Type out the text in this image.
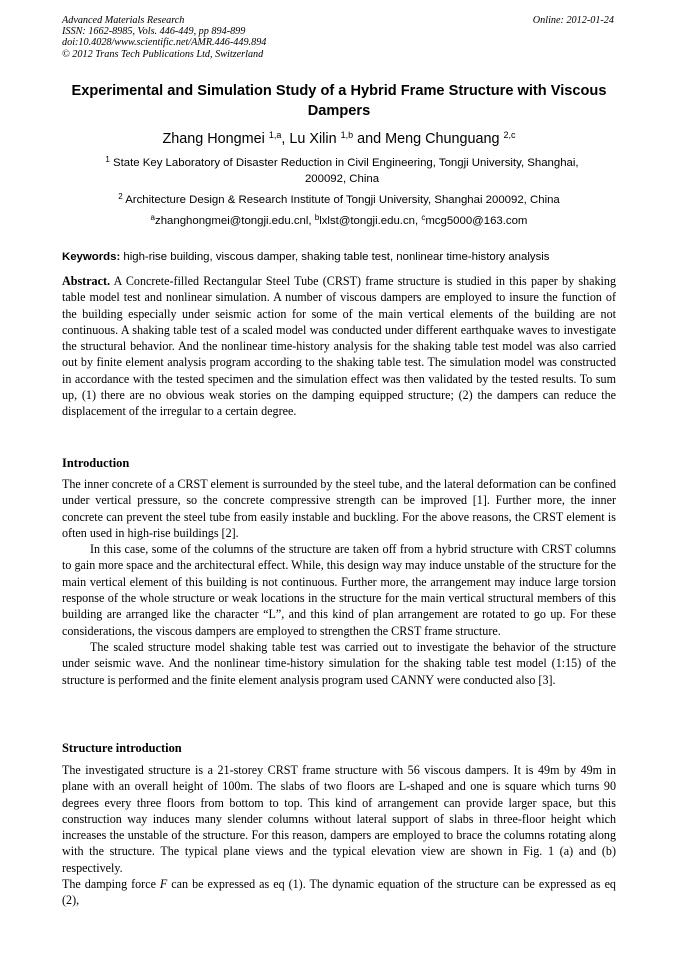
Advanced Materials Research
ISSN: 1662-8985, Vols. 446-449, pp 894-899
doi:10.4028/www.scientific.net/AMR.446-449.894
© 2012 Trans Tech Publications Ltd, Switzerland
Online: 2012-01-24
Experimental and Simulation Study of a Hybrid Frame Structure with Viscous Dampers
Zhang Hongmei $^{1,a}$, Lu Xilin $^{1,b}$ and Meng Chunguang $^{2,c}$
$^1$ State Key Laboratory of Disaster Reduction in Civil Engineering, Tongji University, Shanghai, 200092, China
$^2$ Architecture Design & Research Institute of Tongji University, Shanghai 200092, China
$^a$zhanghongmei@tongji.edu.cnl, $^b$lxlst@tongji.edu.cn, $^c$mcg5000@163.com
Keywords: high-rise building, viscous damper, shaking table test, nonlinear time-history analysis

Abstract. A Concrete-filled Rectangular Steel Tube (CRST) frame structure is studied in this paper by shaking table model test and nonlinear simulation. A number of viscous dampers are employed to insure the function of the building especially under seismic action for some of the main vertical elements of the building are not continuous. A shaking table test of a scaled model was conducted under different earthquake waves to investigate the structural behavior. And the nonlinear time-history analysis for the shaking table test model was also carried out by finite element analysis program according to the shaking table test. The simulation model was constructed in accordance with the tested specimen and the simulation effect was then validated by the tested results. To sum up, (1) there are no obvious weak stories on the damping equipped structure; (2) the dampers can reduce the displacement of the irregular to a certain degree.

Introduction

The inner concrete of a CRST element is surrounded by the steel tube, and the lateral deformation can be confined under vertical pressure, so the concrete compressive strength can be improved [1]. Further more, the inner concrete can prevent the steel tube from easily instable and buckling. For the above reasons, the CRST element is often used in high-rise buildings [2].

In this case, some of the columns of the structure are taken off from a hybrid structure with CRST columns to gain more space and the architectural effect. While, this design way may induce unstable of the structure for the main vertical element of this building is not continuous. Further more, the arrangement may induce large torsion response of the whole structure or weak locations in the structure for the main vertical structural members of this building are arranged like the character “L”, and this kind of plan arrangement are rotated to go up. For these considerations, the viscous dampers are employed to strengthen the CRST frame structure.

The scaled structure model shaking table test was carried out to investigate the behavior of the structure under seismic wave. And the nonlinear time-history simulation for the shaking table test model (1:15) of the structure is performed and the finite element analysis program used CANNY were conducted also [3].

Structure introduction

The investigated structure is a 21-storey CRST frame structure with 56 viscous dampers. It is 49m by 49m in plane with an overall height of 100m. The slabs of two floors are L-shaped and one is square which turns 90 degrees every three floors from bottom to top. This kind of arrangement can provide larger space, but this construction way induces many slender columns without lateral support of slabs in three-floor height which increases the unstable of the structure. For this reason, dampers are employed to brace the columns rotating along with the structure. The typical plane views and the typical elevation view are shown in Fig. 1 (a) and (b) respectively.

The damping force F can be expressed as eq (1). The dynamic equation of the structure can be expressed as eq (2),
